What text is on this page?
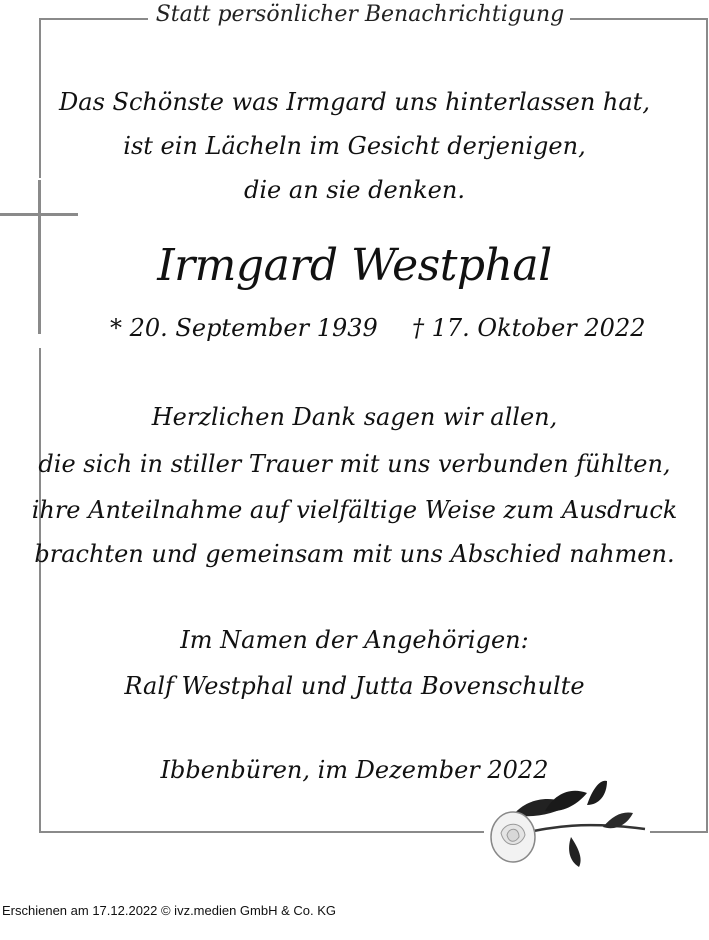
Statt persönlicher Benachrichtigung
Das Schönste was Irmgard uns hinterlassen hat,
ist ein Lächeln im Gesicht derjenigen,
die an sie denken.
Irmgard Westphal
* 20. September 1939 † 17. Oktober 2022
Herzlichen Dank sagen wir allen,
die sich in stiller Trauer mit uns verbunden fühlten,
ihre Anteilnahme auf vielfältige Weise zum Ausdruck
brachten und gemeinsam mit uns Abschied nahmen.
Im Namen der Angehörigen:
Ralf Westphal und Jutta Bovenschulte
Ibbenbüren, im Dezember 2022
Erschienen am 17.12.2022 © ivz.medien GmbH & Co. KG
